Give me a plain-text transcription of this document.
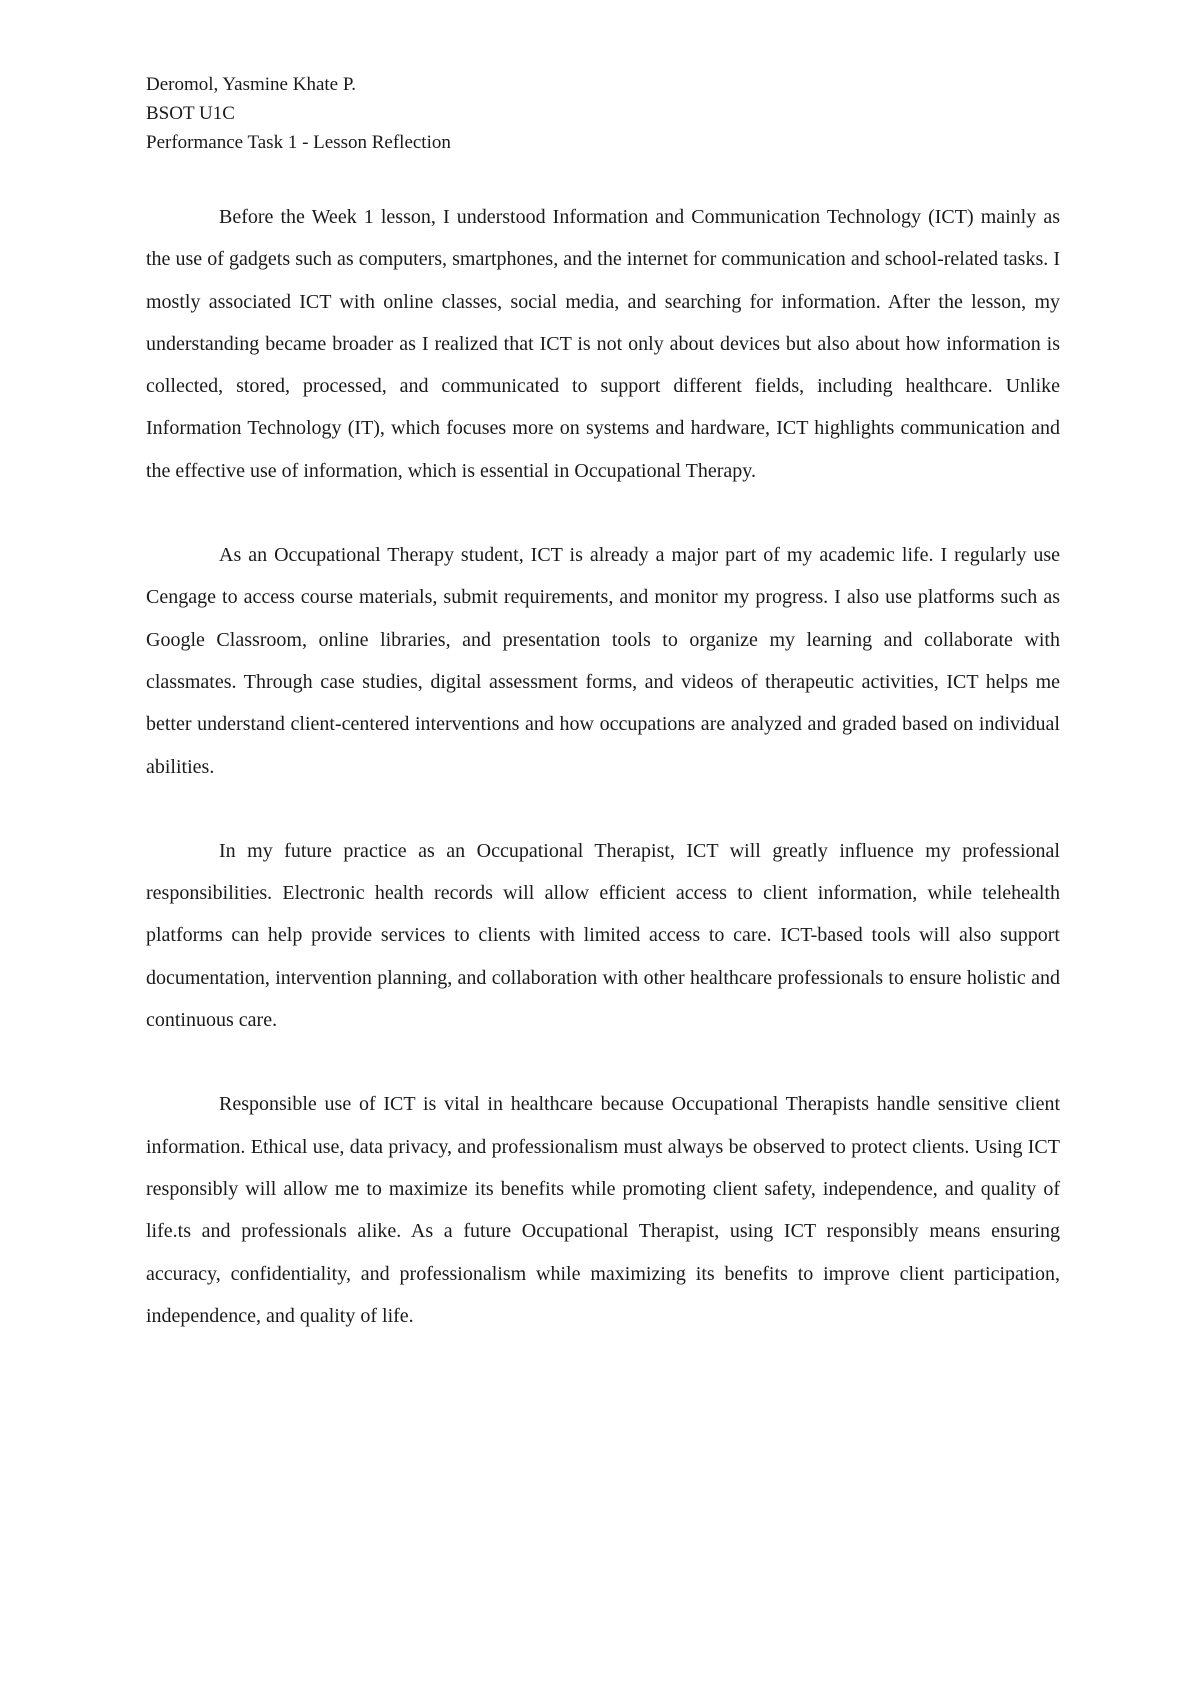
Deromol, Yasmine Khate P.
BSOT U1C
Performance Task 1 - Lesson Reflection

Before the Week 1 lesson, I understood Information and Communication Technology (ICT) mainly as the use of gadgets such as computers, smartphones, and the internet for communication and school-related tasks. I mostly associated ICT with online classes, social media, and searching for information. After the lesson, my understanding became broader as I realized that ICT is not only about devices but also about how information is collected, stored, processed, and communicated to support different fields, including healthcare. Unlike Information Technology (IT), which focuses more on systems and hardware, ICT highlights communication and the effective use of information, which is essential in Occupational Therapy.

As an Occupational Therapy student, ICT is already a major part of my academic life. I regularly use Cengage to access course materials, submit requirements, and monitor my progress. I also use platforms such as Google Classroom, online libraries, and presentation tools to organize my learning and collaborate with classmates. Through case studies, digital assessment forms, and videos of therapeutic activities, ICT helps me better understand client-centered interventions and how occupations are analyzed and graded based on individual abilities.

In my future practice as an Occupational Therapist, ICT will greatly influence my professional responsibilities. Electronic health records will allow efficient access to client information, while telehealth platforms can help provide services to clients with limited access to care. ICT-based tools will also support documentation, intervention planning, and collaboration with other healthcare professionals to ensure holistic and continuous care.

Responsible use of ICT is vital in healthcare because Occupational Therapists handle sensitive client information. Ethical use, data privacy, and professionalism must always be observed to protect clients. Using ICT responsibly will allow me to maximize its benefits while promoting client safety, independence, and quality of life.ts and professionals alike. As a future Occupational Therapist, using ICT responsibly means ensuring accuracy, confidentiality, and professionalism while maximizing its benefits to improve client participation, independence, and quality of life.
